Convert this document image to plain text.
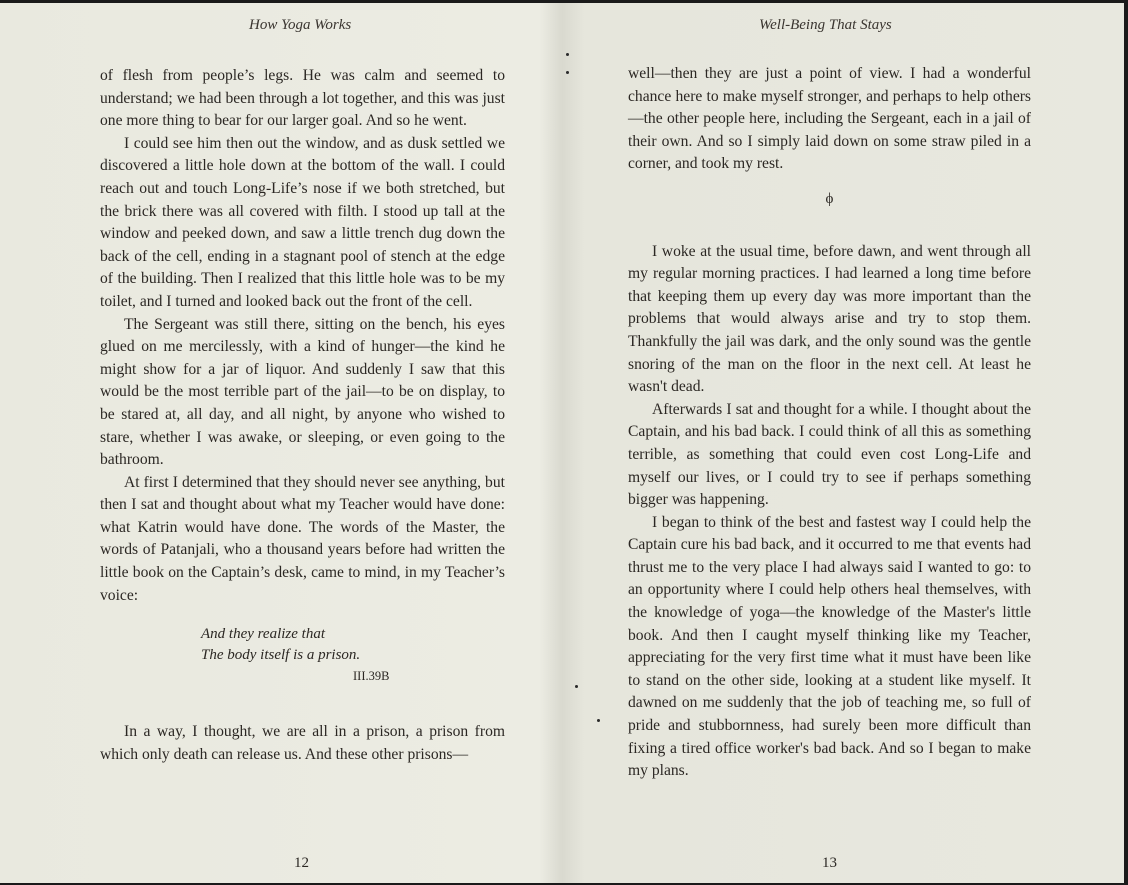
How Yoga Works

of flesh from people’s legs. He was calm and seemed to understand; we had been through a lot together, and this was just one more thing to bear for our larger goal. And so he went.

I could see him then out the window, and as dusk settled we discovered a little hole down at the bottom of the wall. I could reach out and touch Long-Life’s nose if we both stretched, but the brick there was all covered with filth. I stood up tall at the window and peeked down, and saw a little trench dug down the back of the cell, ending in a stagnant pool of stench at the edge of the building. Then I realized that this little hole was to be my toilet, and I turned and looked back out the front of the cell.

The Sergeant was still there, sitting on the bench, his eyes glued on me mercilessly, with a kind of hunger—the kind he might show for a jar of liquor. And suddenly I saw that this would be the most terrible part of the jail—to be on display, to be stared at, all day, and all night, by anyone who wished to stare, whether I was awake, or sleeping, or even going to the bathroom.

At first I determined that they should never see anything, but then I sat and thought about what my Teacher would have done: what Katrin would have done. The words of the Master, the words of Patanjali, who a thousand years before had written the little book on the Captain’s desk, came to mind, in my Teacher’s voice:

And they realize that
The body itself is a prison.
III.39B

In a way, I thought, we are all in a prison, a prison from which only death can release us. And these other prisons—

12
Well-Being That Stays

well—then they are just a point of view. I had a wonderful chance here to make myself stronger, and perhaps to help others—the other people here, including the Sergeant, each in a jail of their own. And so I simply laid down on some straw piled in a corner, and took my rest.

ϕ

I woke at the usual time, before dawn, and went through all my regular morning practices. I had learned a long time before that keeping them up every day was more important than the problems that would always arise and try to stop them. Thankfully the jail was dark, and the only sound was the gentle snoring of the man on the floor in the next cell. At least he wasn't dead.

Afterwards I sat and thought for a while. I thought about the Captain, and his bad back. I could think of all this as something terrible, as something that could even cost Long-Life and myself our lives, or I could try to see if perhaps something bigger was happening.

I began to think of the best and fastest way I could help the Captain cure his bad back, and it occurred to me that events had thrust me to the very place I had always said I wanted to go: to an opportunity where I could help others heal themselves, with the knowledge of yoga—the knowledge of the Master's little book. And then I caught myself thinking like my Teacher, appreciating for the very first time what it must have been like to stand on the other side, looking at a student like myself. It dawned on me suddenly that the job of teaching me, so full of pride and stubbornness, had surely been more difficult than fixing a tired office worker's bad back. And so I began to make my plans.

13
